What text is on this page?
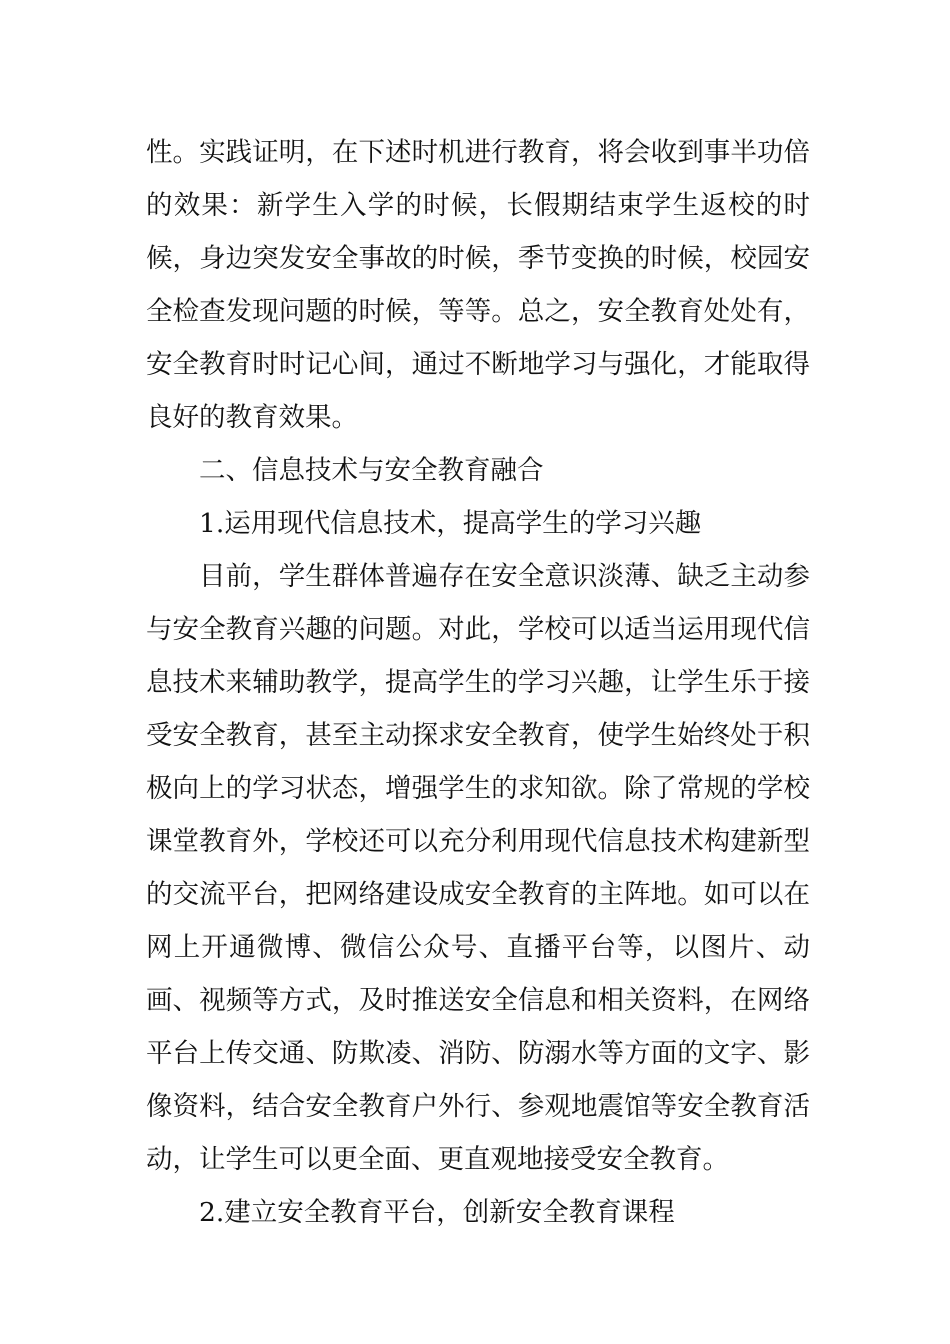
性。实践证明，在下述时机进行教育，将会收到事半功倍的效果：新学生入学的时候，长假期结束学生返校的时候，身边突发安全事故的时候，季节变换的时候，校园安全检查发现问题的时候，等等。总之，安全教育处处有，安全教育时时记心间，通过不断地学习与强化，才能取得良好的教育效果。

二、信息技术与安全教育融合

1.运用现代信息技术，提高学生的学习兴趣

目前，学生群体普遍存在安全意识淡薄、缺乏主动参与安全教育兴趣的问题。对此，学校可以适当运用现代信息技术来辅助教学，提高学生的学习兴趣，让学生乐于接受安全教育，甚至主动探求安全教育，使学生始终处于积极向上的学习状态，增强学生的求知欲。除了常规的学校课堂教育外，学校还可以充分利用现代信息技术构建新型的交流平台，把网络建设成安全教育的主阵地。如可以在网上开通微博、微信公众号、直播平台等，以图片、动画、视频等方式，及时推送安全信息和相关资料，在网络平台上传交通、防欺凌、消防、防溺水等方面的文字、影像资料，结合安全教育户外行、参观地震馆等安全教育活动，让学生可以更全面、更直观地接受安全教育。

2.建立安全教育平台，创新安全教育课程
